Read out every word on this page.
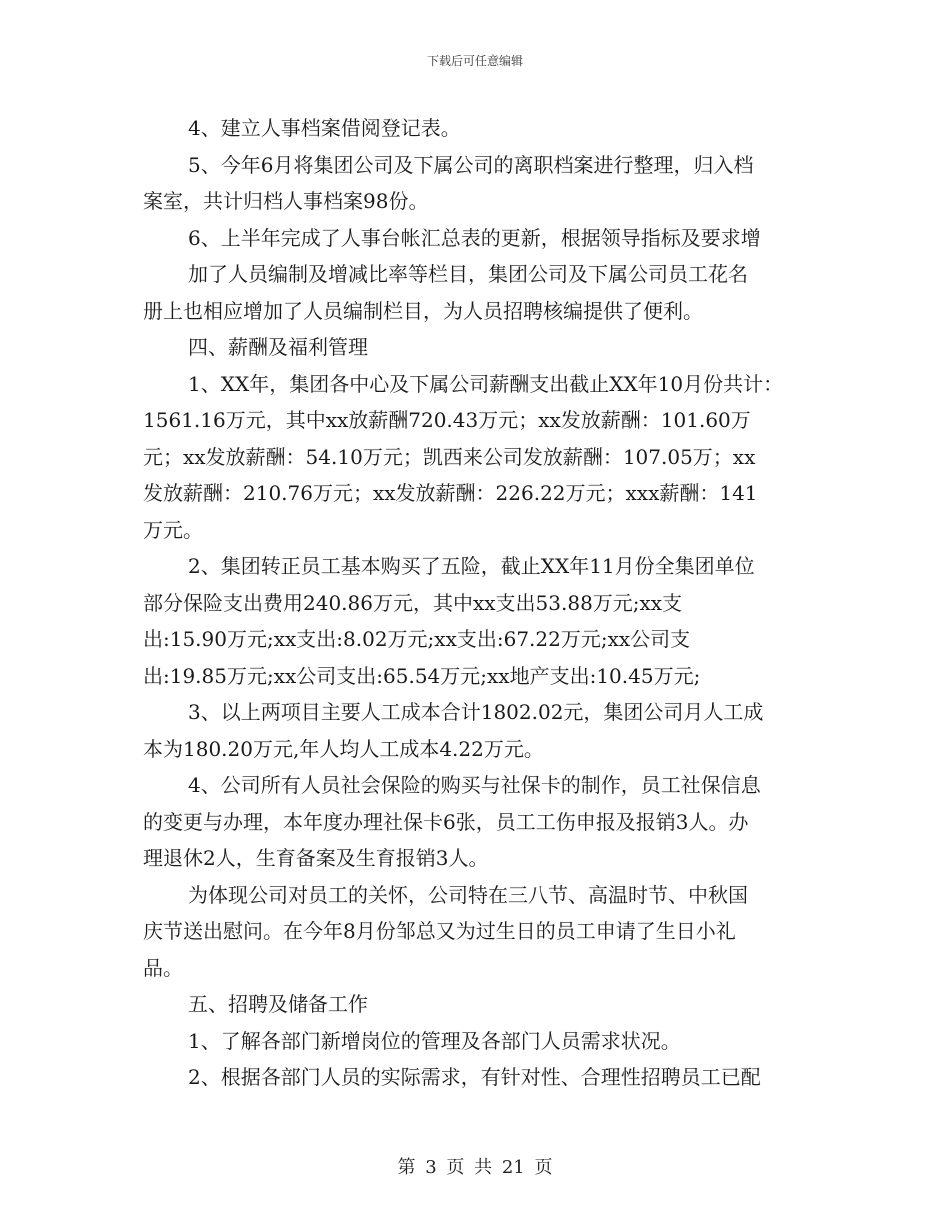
下载后可任意编辑
4、建立人事档案借阅登记表。
5、今年6月将集团公司及下属公司的离职档案进行整理，归入档
案室，共计归档人事档案98份。
6、上半年完成了人事台帐汇总表的更新，根据领导指标及要求增
加了人员编制及增减比率等栏目，集团公司及下属公司员工花名
册上也相应增加了人员编制栏目，为人员招聘核编提供了便利。
四、薪酬及福利管理
1、XX年，集团各中心及下属公司薪酬支出截止XX年10月份共计：
1561.16万元，其中xx放薪酬720.43万元；xx发放薪酬：101.60万
元；xx发放薪酬：54.10万元；凯西来公司发放薪酬：107.05万；xx
发放薪酬：210.76万元；xx发放薪酬：226.22万元；xxx薪酬：141
万元。
2、集团转正员工基本购买了五险，截止XX年11月份全集团单位
部分保险支出费用240.86万元，其中xx支出53.88万元;xx支
出:15.90万元;xx支出:8.02万元;xx支出:67.22万元;xx公司支
出:19.85万元;xx公司支出:65.54万元;xx地产支出:10.45万元;
3、以上两项目主要人工成本合计1802.02元，集团公司月人工成
本为180.20万元,年人均人工成本4.22万元。
4、公司所有人员社会保险的购买与社保卡的制作，员工社保信息
的变更与办理，本年度办理社保卡6张，员工工伤申报及报销3人。办
理退休2人，生育备案及生育报销3人。
为体现公司对员工的关怀，公司特在三八节、高温时节、中秋国
庆节送出慰问。在今年8月份邹总又为过生日的员工申请了生日小礼
品。
五、招聘及储备工作
1、了解各部门新增岗位的管理及各部门人员需求状况。
2、根据各部门人员的实际需求，有针对性、合理性招聘员工已配
第 3 页 共 21 页
